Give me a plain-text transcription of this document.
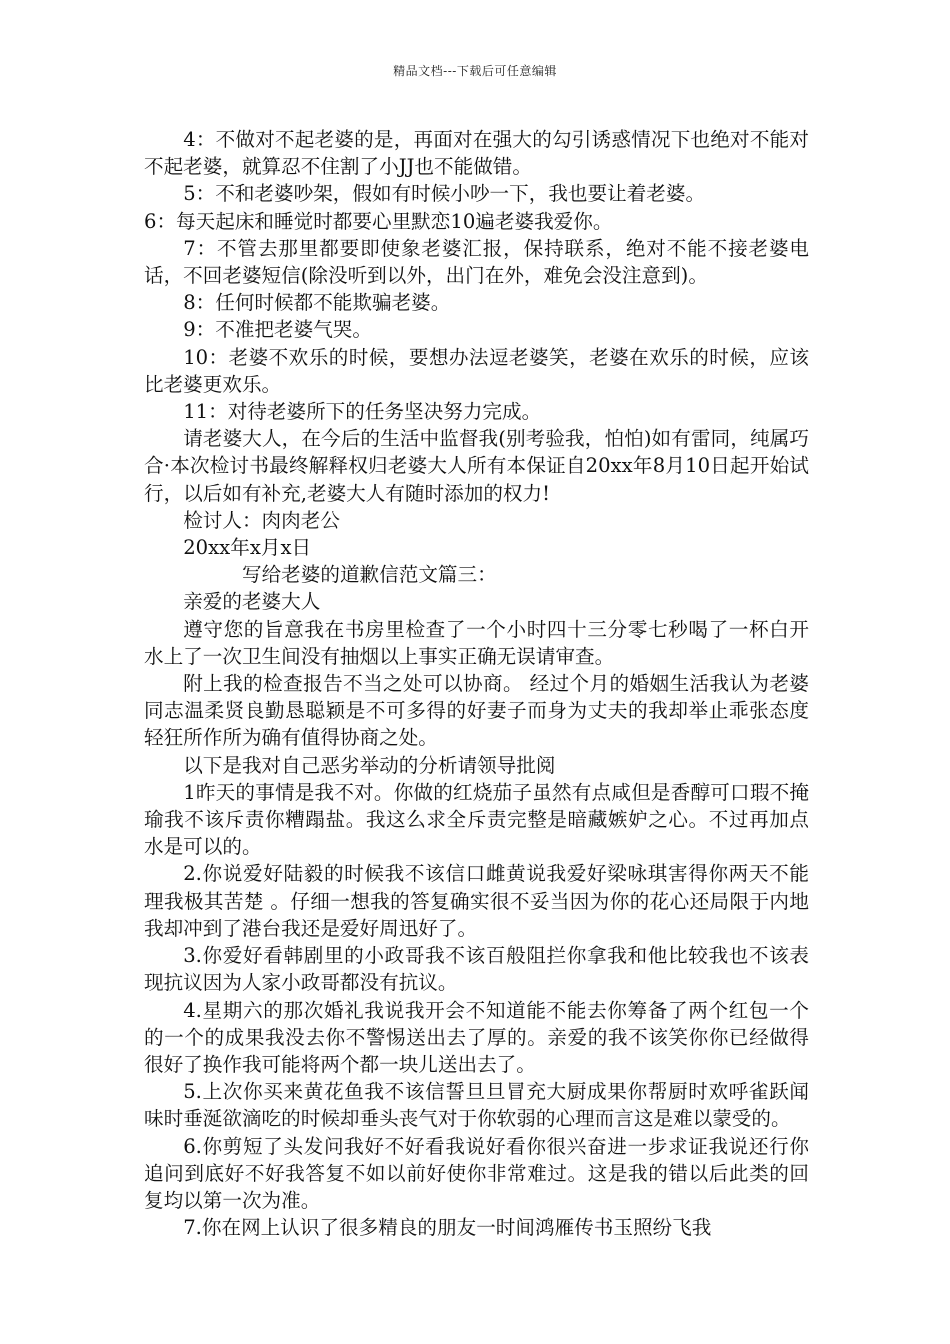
精品文档---下载后可任意编辑

4：不做对不起老婆的是，再面对在强大的勾引诱惑情况下也绝对不能对不起老婆，就算忍不住割了小JJ也不能做错。

5：不和老婆吵架，假如有时候小吵一下，我也要让着老婆。

6：每天起床和睡觉时都要心里默恋10遍老婆我爱你。

7：不管去那里都要即使象老婆汇报，保持联系，绝对不能不接老婆电话，不回老婆短信(除没听到以外，出门在外，难免会没注意到)。

8：任何时候都不能欺骗老婆。

9：不准把老婆气哭。

10：老婆不欢乐的时候，要想办法逗老婆笑，老婆在欢乐的时候，应该比老婆更欢乐。

11：对待老婆所下的任务坚决努力完成。

请老婆大人，在今后的生活中监督我(别考验我，怕怕)如有雷同，纯属巧合·本次检讨书最终解释权归老婆大人所有本保证自20xx年8月10日起开始试行，以后如有补充,老婆大人有随时添加的权力!

检讨人：肉肉老公

20xx年x月x日

写给老婆的道歉信范文篇三：

亲爱的老婆大人

遵守您的旨意我在书房里检查了一个小时四十三分零七秒喝了一杯白开水上了一次卫生间没有抽烟以上事实正确无误请审查。

附上我的检查报告不当之处可以协商。 经过个月的婚姻生活我认为老婆同志温柔贤良勤恳聪颖是不可多得的好妻子而身为丈夫的我却举止乖张态度轻狂所作所为确有值得协商之处。

以下是我对自己恶劣举动的分析请领导批阅

1昨天的事情是我不对。你做的红烧茄子虽然有点咸但是香醇可口瑕不掩瑜我不该斥责你糟蹋盐。我这么求全斥责完整是暗藏嫉妒之心。不过再加点水是可以的。

2.你说爱好陆毅的时候我不该信口雌黄说我爱好梁咏琪害得你两天不能理我极其苦楚 。仔细一想我的答复确实很不妥当因为你的花心还局限于内地我却冲到了港台我还是爱好周迅好了。

3.你爱好看韩剧里的小政哥我不该百般阻拦你拿我和他比较我也不该表现抗议因为人家小政哥都没有抗议。

4.星期六的那次婚礼我说我开会不知道能不能去你筹备了两个红包一个的一个的成果我没去你不警惕送出去了厚的。亲爱的我不该笑你你已经做得很好了换作我可能将两个都一块儿送出去了。

5.上次你买来黄花鱼我不该信誓旦旦冒充大厨成果你帮厨时欢呼雀跃闻味时垂涎欲滴吃的时候却垂头丧气对于你软弱的心理而言这是难以蒙受的。

6.你剪短了头发问我好不好看我说好看你很兴奋进一步求证我说还行你追问到底好不好我答复不如以前好使你非常难过。这是我的错以后此类的回复均以第一次为准。

7.你在网上认识了很多精良的朋友一时间鸿雁传书玉照纷飞我
